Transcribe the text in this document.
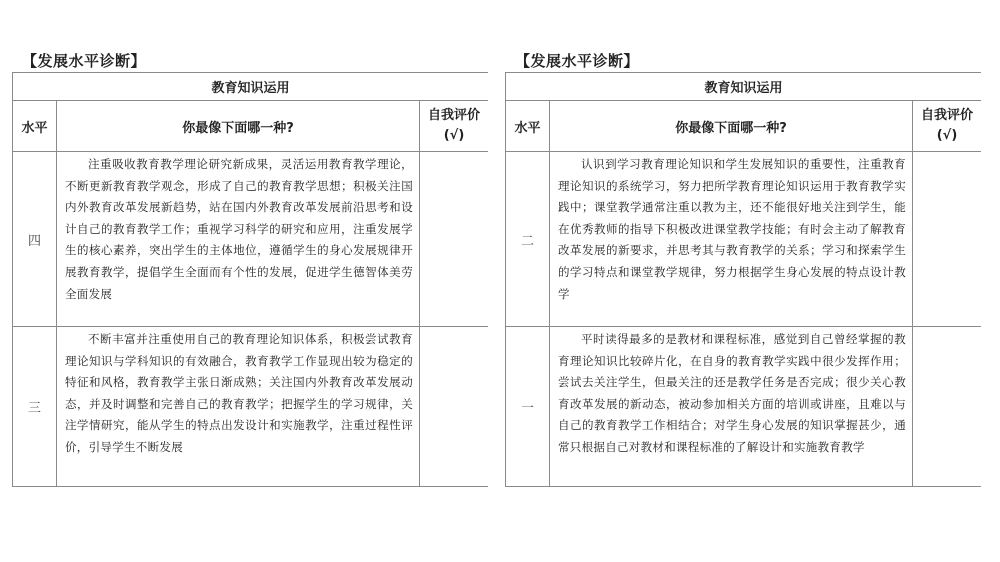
【发展水平诊断】
教育知识运用		
水平	你最像下面哪一种?	自我评价
(√)

四	注重吸收教育教学理论研究新成果，灵活运用教育教学理论，不断更新教育教学观念，形成了自己的教育教学思想；积极关注国内外教育改革发展新趋势，站在国内外教育改革发展前沿思考和设计自己的教育教学工作；重视学习科学的研究和应用，注重发展学生的核心素养，突出学生的主体地位，遵循学生的身心发展规律开展教育教学，提倡学生全面而有个性的发展，促进学生德智体美劳全面发展	
三	不断丰富并注重使用自己的教育理论知识体系，积极尝试教育理论知识与学科知识的有效融合，教育教学工作显现出较为稳定的特征和风格，教育教学主张日渐成熟；关注国内外教育改革发展动态，并及时调整和完善自己的教育教学；把握学生的学习规律，关注学情研究，能从学生的特点出发设计和实施教学，注重过程性评价，引导学生不断发展	
【发展水平诊断】
教育知识运用		
水平	你最像下面哪一种?	自我评价
(√)

二	认识到学习教育理论知识和学生发展知识的重要性，注重教育理论知识的系统学习，努力把所学教育理论知识运用于教育教学实践中；课堂教学通常注重以教为主，还不能很好地关注到学生，能在优秀教师的指导下积极改进课堂教学技能；有时会主动了解教育改革发展的新要求，并思考其与教育教学的关系；学习和探索学生的学习特点和课堂教学规律，努力根据学生身心发展的特点设计教学	
一	平时读得最多的是教材和课程标准，感觉到自己曾经掌握的教育理论知识比较碎片化，在自身的教育教学实践中很少发挥作用；尝试去关注学生，但最关注的还是教学任务是否完成；很少关心教育改革发展的新动态，被动参加相关方面的培训或讲座，且难以与自己的教育教学工作相结合；对学生身心发展的知识掌握甚少，通常只根据自己对教材和课程标准的了解设计和实施教育教学	
